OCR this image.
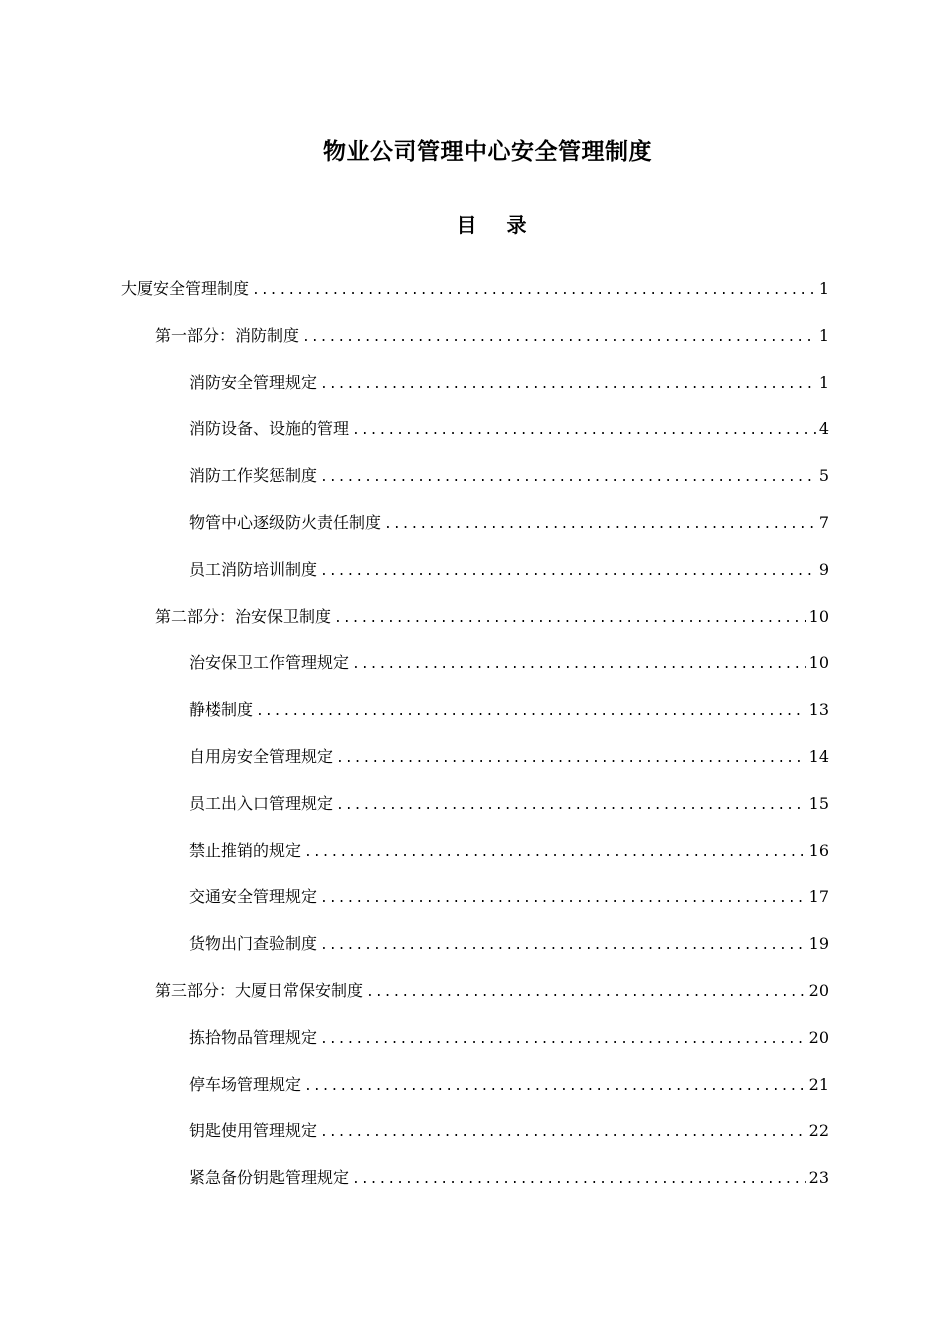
物业公司管理中心安全管理制度
目 录
大厦安全管理制度 .....	1
第一部分：消防制度 .....	1
消防安全管理规定 .....	1
消防设备、设施的管理 .....	4
消防工作奖惩制度 .....	5
物管中心逐级防火责任制度 .....	7
员工消防培训制度 .....	9
第二部分：治安保卫制度 .....	10
治安保卫工作管理规定 .....	10
静楼制度 .....	13
自用房安全管理规定 .....	14
员工出入口管理规定 .....	15
禁止推销的规定 .....	16
交通安全管理规定 .....	17
货物出门查验制度 .....	19
第三部分：大厦日常保安制度 .....	20
拣拾物品管理规定 .....	20
停车场管理规定 .....	21
钥匙使用管理规定 .....	22
紧急备份钥匙管理规定 .....	23
